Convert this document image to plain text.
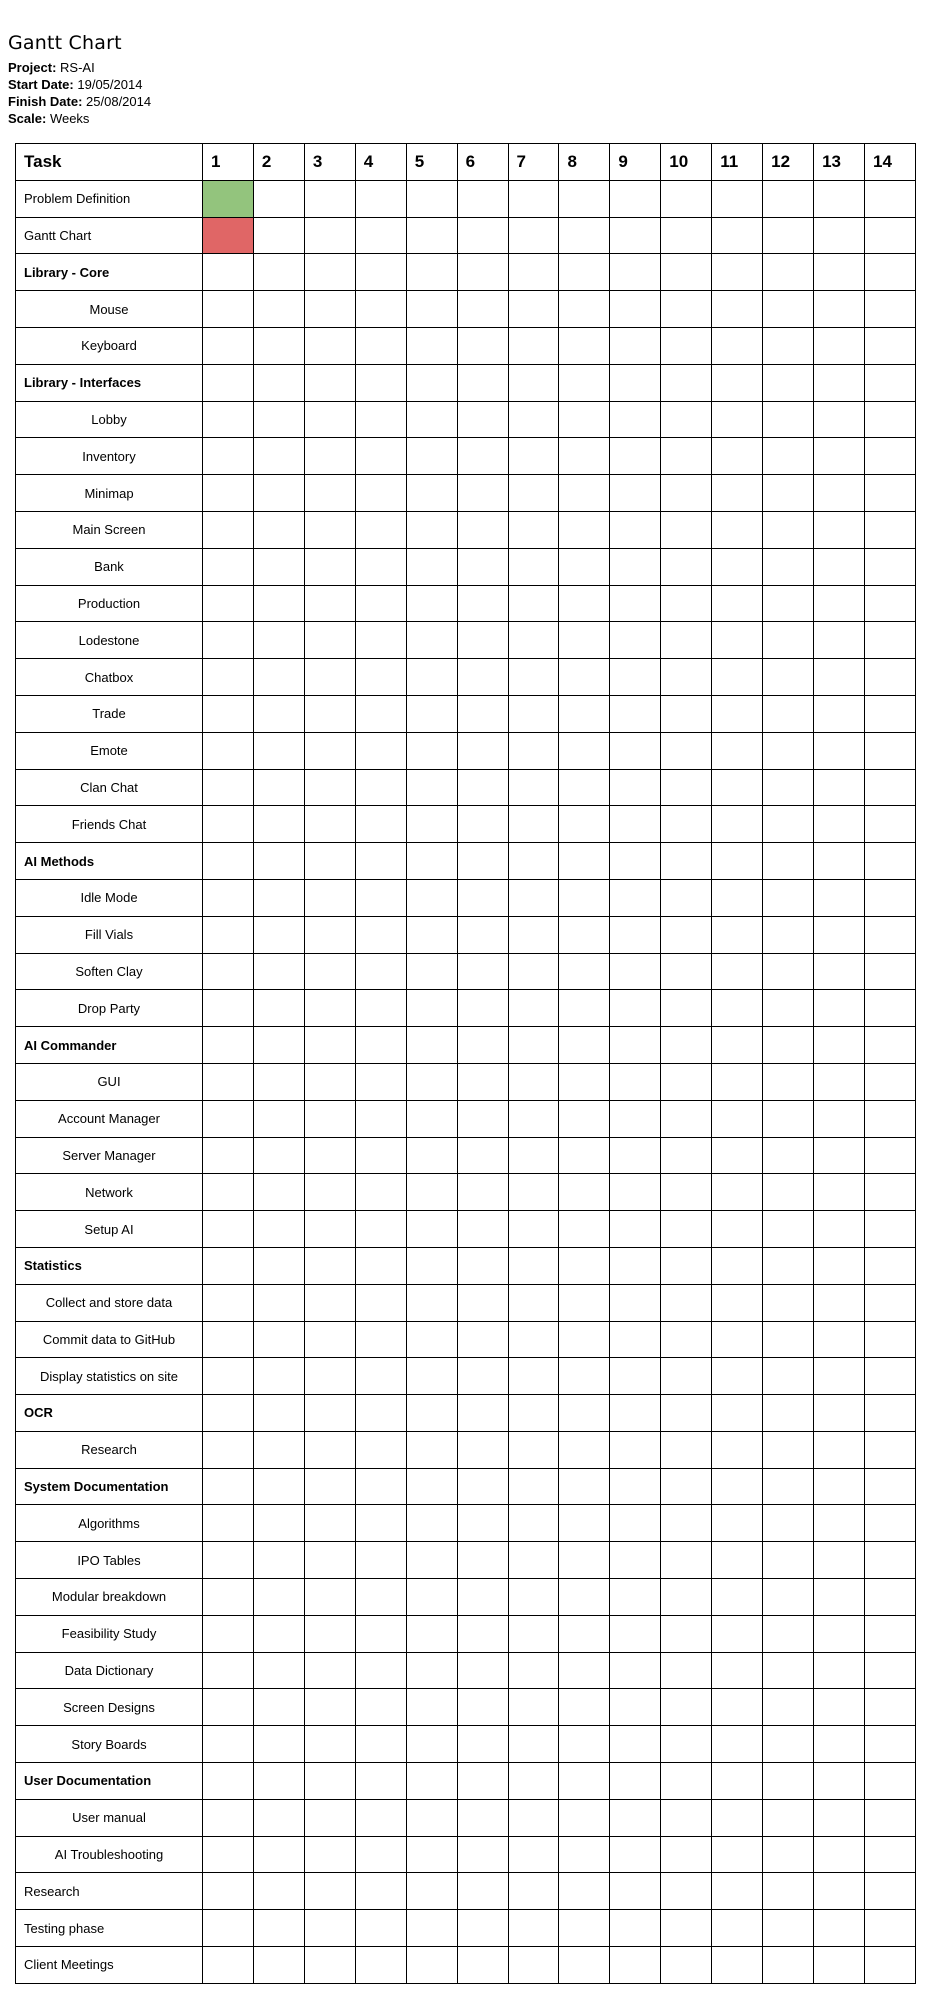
Gantt Chart
Project: RS-AI
Start Date: 19/05/2014
Finish Date: 25/08/2014
Scale: Weeks
Task	1	2	3	4	5	6	7	8	9	10	11	12	13	14
Problem Definition														
Gantt Chart														
Library - Core														
Mouse														
Keyboard														
Library - Interfaces														
Lobby														
Inventory														
Minimap														
Main Screen														
Bank														
Production														
Lodestone														
Chatbox														
Trade														
Emote														
Clan Chat														
Friends Chat														
AI Methods														
Idle Mode														
Fill Vials														
Soften Clay														
Drop Party														
AI Commander														
GUI														
Account Manager														
Server Manager														
Network														
Setup AI														
Statistics														
Collect and store data														
Commit data to GitHub														
Display statistics on site														
OCR														
Research														
System Documentation														
Algorithms														
IPO Tables														
Modular breakdown														
Feasibility Study														
Data Dictionary														
Screen Designs														
Story Boards														
User Documentation														
User manual														
AI Troubleshooting														
Research														
Testing phase														
Client Meetings														
